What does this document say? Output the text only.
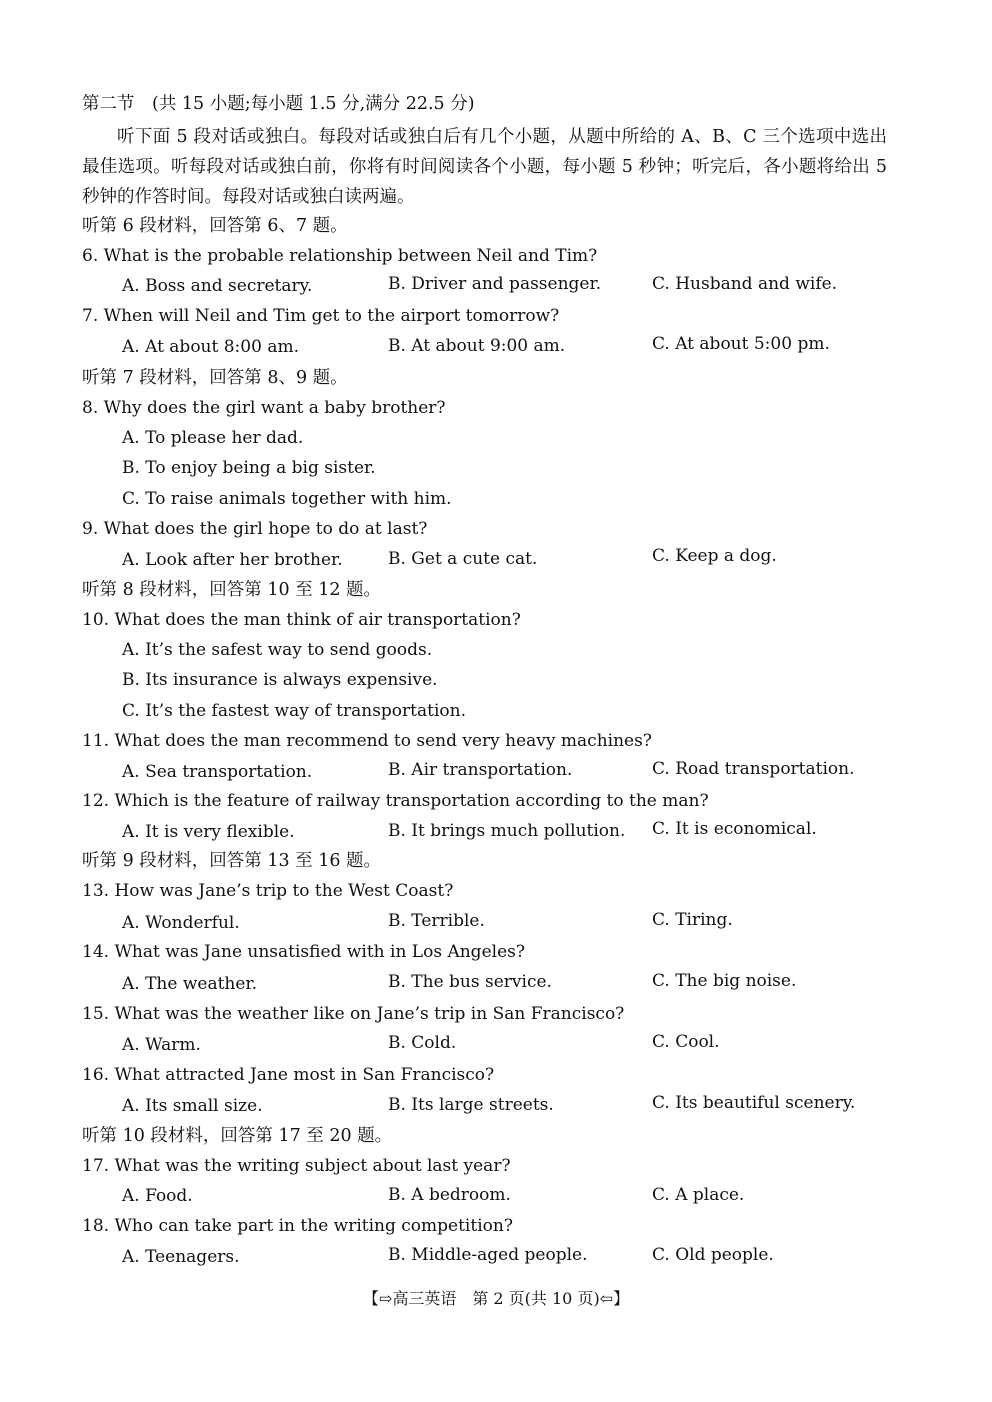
第二节　(共 15 小题;每小题 1.5 分,满分 22.5 分)
听下面 5 段对话或独白。每段对话或独白后有几个小题，从题中所给的 A、B、C 三个选项中选出最佳选项。听每段对话或独白前，你将有时间阅读各个小题，每小题 5 秒钟；听完后，各小题将给出 5 秒钟的作答时间。每段对话或独白读两遍。
听第 6 段材料，回答第 6、7 题。
6. What is the probable relationship between Neil and Tim?
A. Boss and secretary.	B. Driver and passenger.	C. Husband and wife.
7. When will Neil and Tim get to the airport tomorrow?
A. At about 8:00 am.	B. At about 9:00 am.	C. At about 5:00 pm.
听第 7 段材料，回答第 8、9 题。
8. Why does the girl want a baby brother?
A. To please her dad.
B. To enjoy being a big sister.
C. To raise animals together with him.
9. What does the girl hope to do at last?
A. Look after her brother.	B. Get a cute cat.	C. Keep a dog.
听第 8 段材料，回答第 10 至 12 题。
10. What does the man think of air transportation?
A. It’s the safest way to send goods.
B. Its insurance is always expensive.
C. It’s the fastest way of transportation.
11. What does the man recommend to send very heavy machines?
A. Sea transportation.	B. Air transportation.	C. Road transportation.
12. Which is the feature of railway transportation according to the man?
A. It is very flexible.	B. It brings much pollution. C. It is economical.
听第 9 段材料，回答第 13 至 16 题。
13. How was Jane’s trip to the West Coast?
A. Wonderful.	B. Terrible.	C. Tiring.
14. What was Jane unsatisfied with in Los Angeles?
A. The weather.	B. The bus service.	C. The big noise.
15. What was the weather like on Jane’s trip in San Francisco?
A. Warm.	B. Cold.	C. Cool.
16. What attracted Jane most in San Francisco?
A. Its small size.	B. Its large streets.	C. Its beautiful scenery.
听第 10 段材料，回答第 17 至 20 题。
17. What was the writing subject about last year?
A. Food.	B. A bedroom.	C. A place.
18. Who can take part in the writing competition?
A. Teenagers.	B. Middle-aged people.	C. Old people.
【⇨高三英语　第 2 页(共 10 页)⇦】
